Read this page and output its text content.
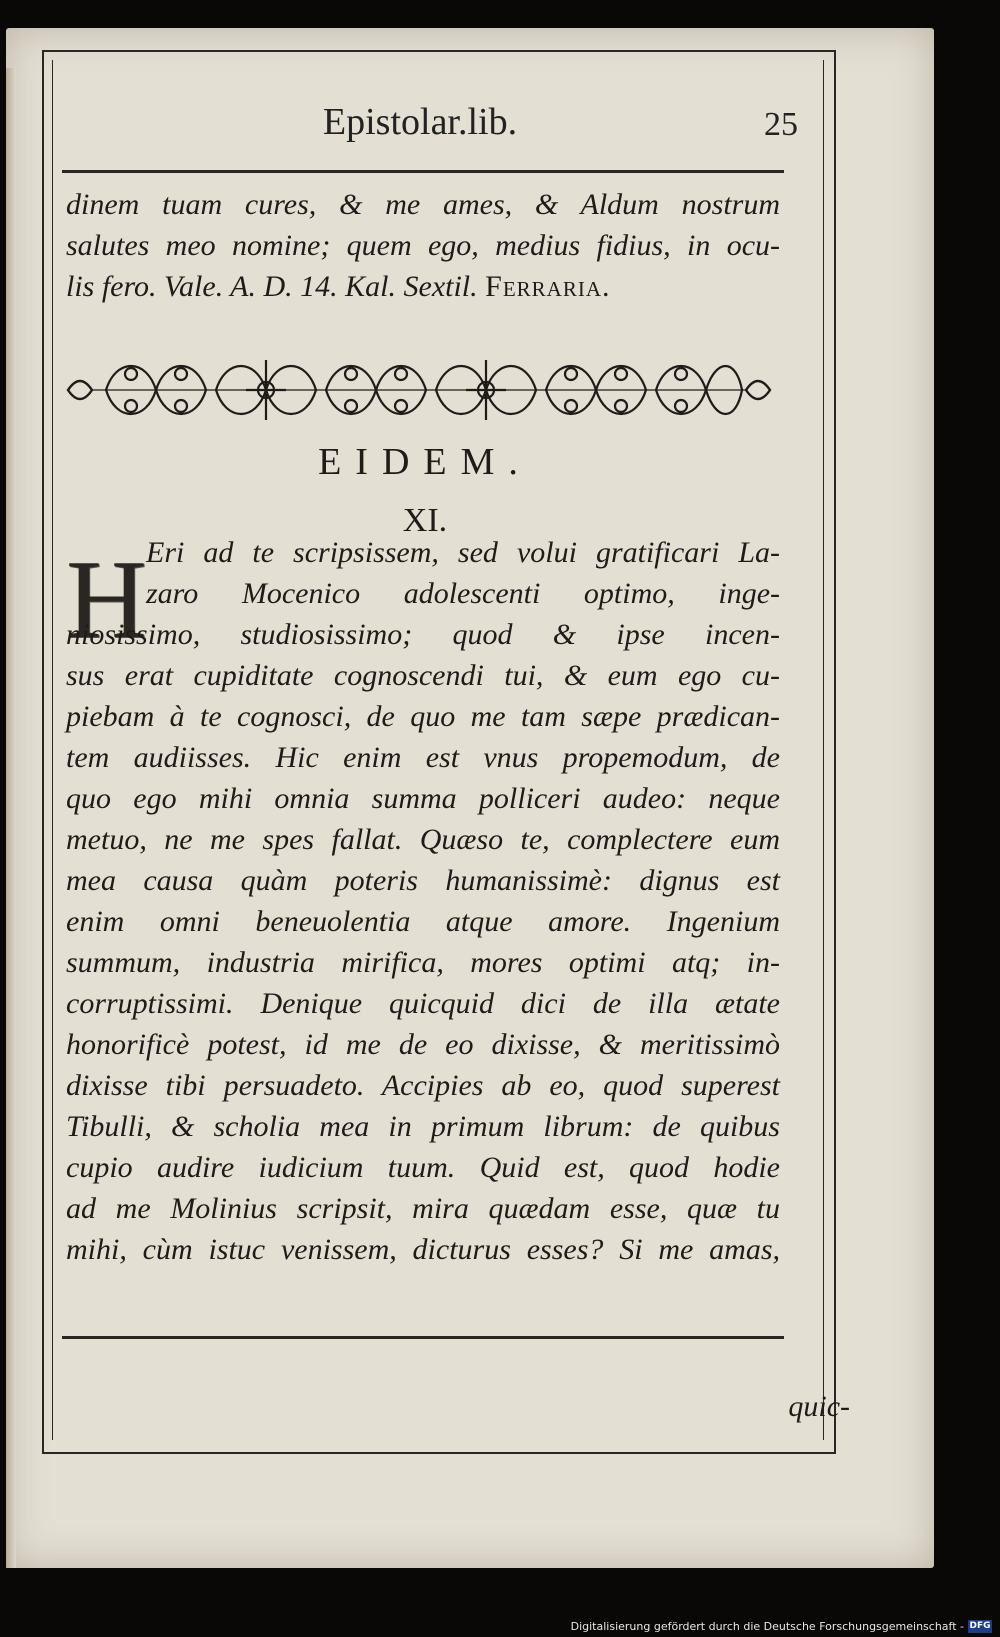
Epistolar.lib.	25
dinem tuam cures, & me ames, & Aldum nostrum
salutes meo nomine; quem ego, medius fidius, in ocu-
lis fero. Vale. A. D. 14. Kal. Sextil. Ferraria.
EIDEM.
XI.
H Eri ad te scripsissem, sed volui gratificari La-
zaro Mocenico adolescenti optimo, inge-
niosissimo, studiosissimo; quod & ipse incen-
sus erat cupiditate cognoscendi tui, & eum ego cu-
piebam à te cognosci, de quo me tam sæpe prædican-
tem audiisses. Hic enim est vnus propemodum, de
quo ego mihi omnia summa polliceri audeo: neque
metuo, ne me spes fallat. Quæso te, complectere eum
mea causa quàm poteris humanissimè: dignus est
enim omni beneuolentia atque amore. Ingenium
summum, industria mirifica, mores optimi atq; in-
corruptissimi. Denique quicquid dici de illa ætate
honorificè potest, id me de eo dixisse, & meritissimò
dixisse tibi persuadeto. Accipies ab eo, quod superest
Tibulli, & scholia mea in primum librum: de quibus
cupio audire iudicium tuum. Quid est, quod hodie
ad me Molinius scripsit, mira quædam esse, quæ tu
mihi, cùm istuc venissem, dicturus esses? Si me amas,
quic-
Digitalisierung gefördert durch die Deutsche Forschungsgemeinschaft - DFG
